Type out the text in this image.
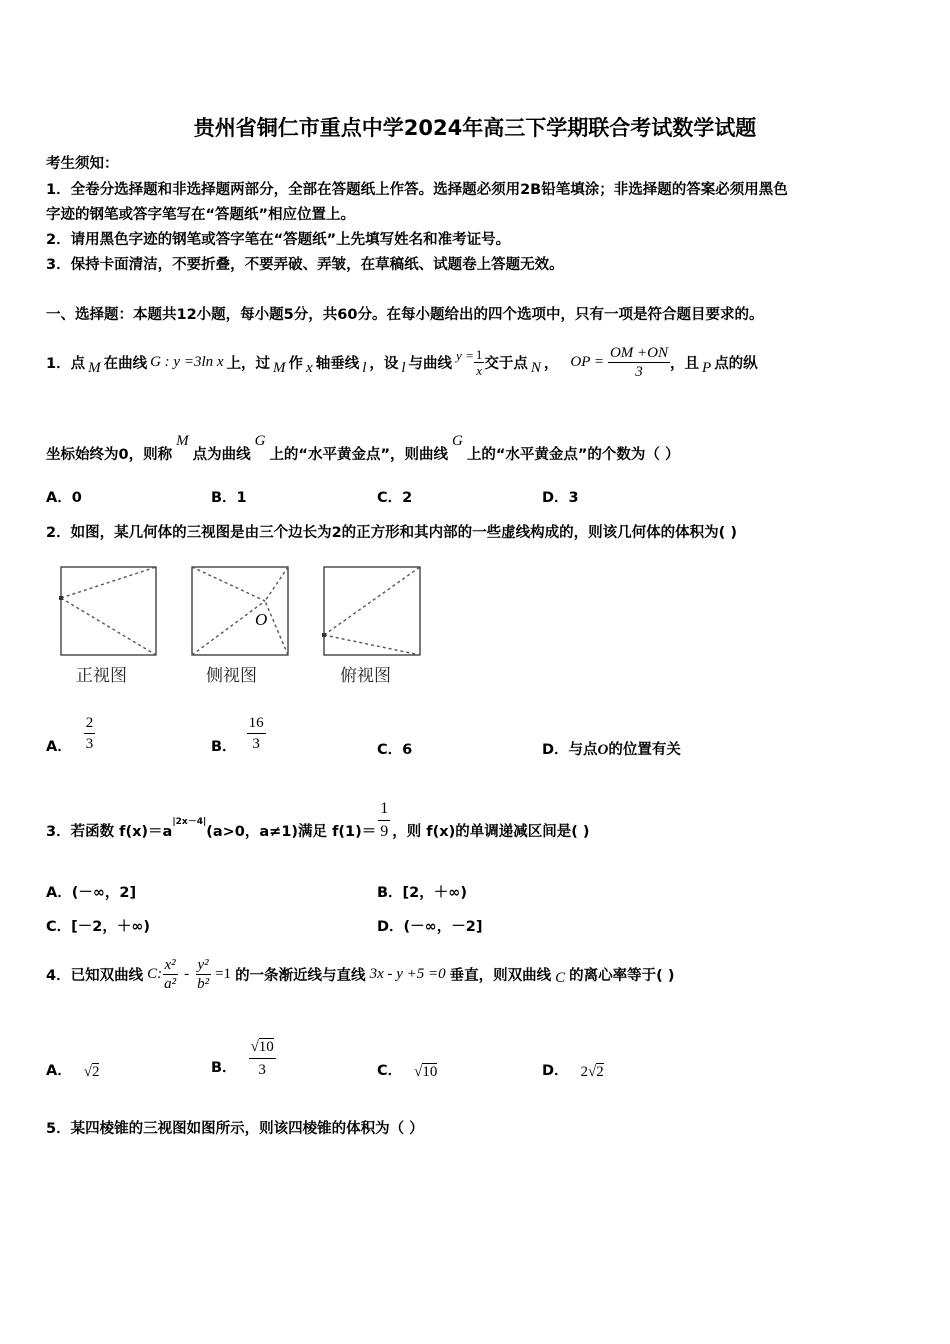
贵州省铜仁市重点中学2024年高三下学期联合考试数学试题
考生须知：
1．全卷分选择题和非选择题两部分，全部在答题纸上作答。选择题必须用2B铅笔填涂；非选择题的答案必须用黑色
字迹的钢笔或答字笔写在“答题纸”相应位置上。
2．请用黑色字迹的钢笔或答字笔在“答题纸”上先填写姓名和准考证号。
3．保持卡面清洁，不要折叠，不要弄破、弄皱，在草稿纸、试题卷上答题无效。
一、选择题：本题共12小题，每小题5分，共60分。在每小题给出的四个选项中，只有一项是符合题目要求的。
1．点 M 在曲线 G : y =3ln x 上，过 M 作 x 轴垂线 l ，设 l 与曲线 $y = \frac{1}{x}$ 交于点 N ， OP = $\frac{OM +ON}{3}$ ，且 P 点的纵
坐标始终为0，则称
M
点为曲线
G
上的“水平黄金点”，则曲线
G
上的“水平黄金点”的个数为（ ）
A．0	B．1	C．2	D．3
2．如图，某几何体的三视图是由三个边长为2的正方形和其内部的一些虚线构成的，则该几何体的体积为( )
O
正视图	侧视图	俯视图
A． $\frac{2}{3}$	B． $\frac{16}{3}$	C．6	D．与点O的位置有关
3．若函数 f(x)＝a
|2x－4|
(a>0，a≠1)满足 $f(1)= \frac{1}{9}$ ，则 f(x)的单调递减区间是( )
A．(－∞，2]	B．[2，＋∞)
C．[－2，＋∞)	D．(－∞，－2]
4．已知双曲线 C: $\frac{\text{x²}}{\text{a²}} - \frac{\text{y²}}{\text{b²}} =1$ 的一条渐近线与直线 3x - y +5 =0 垂直，则双曲线 C 的离心率等于( )
A． √2	B． $\frac{√10}{3}$	C． √10	D． 2√2
5．某四棱锥的三视图如图所示，则该四棱锥的体积为（ ）
